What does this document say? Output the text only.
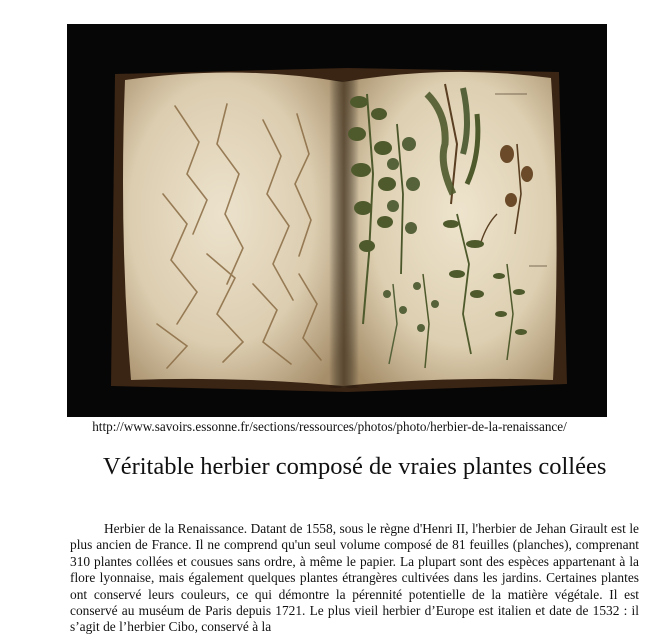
http://www.savoirs.essonne.fr/sections/ressources/photos/photo/herbier-de-la-renaissance/
Véritable herbier composé de vraies plantes collées

Herbier de la Renaissance. Datant de 1558, sous le règne d'Henri II, l'herbier de Jehan Girault est le plus ancien de France. Il ne comprend qu'un seul volume composé de 81 feuilles (planches), comprenant 310 plantes collées et cousues sans ordre, à même le papier. La plupart sont des espèces appartenant à la flore lyonnaise, mais également quelques plantes étrangères cultivées dans les jardins. Certaines plantes ont conservé leurs couleurs, ce qui démontre la pérennité potentielle de la matière végétale. Il est conservé au muséum de Paris depuis 1721. Le plus vieil herbier d’Europe est italien et date de 1532 : il s’agit de l’herbier Cibo, conservé à la
